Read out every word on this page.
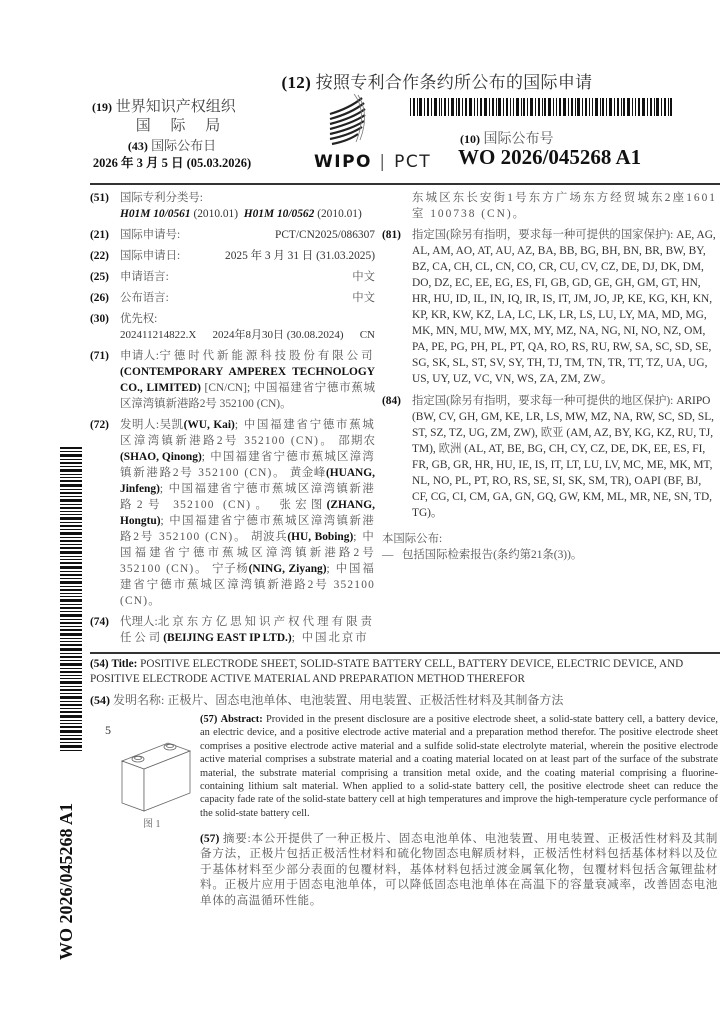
(12) 按照专利合作条约所公布的国际申请
(19) 世界知识产权组织
国 际 局
(43) 国际公布日
2026 年 3 月 5 日 (05.03.2026)	WIPO | PCT
(10) 国际公布号
WO 2026/045268 A1
(51) 国际专利分类号:
H01M 10/0561 (2010.01) H01M 10/0562 (2010.01)
(21) 国际申请号:	PCT/CN2025/086307
(22) 国际申请日:	2025 年 3 月 31 日 (31.03.2025)
(25) 申请语言:	中文
(26) 公布语言:	中文
(30) 优先权:
202411214822.X 2024年8月30日 (30.08.2024) CN
(71) 申请人:宁德时代新能源科技股份有限公司 (CONTEMPORARY AMPEREX TECHNOLOGY CO., LIMITED) [CN/CN]; 中国福建省宁德市蕉城区漳湾镇新港路2号 352100 (CN)。
(72) 发明人:吴凯(WU, Kai); 中国福建省宁德市蕉城区漳湾镇新港路2号 352100 (CN)。 邵期农(SHAO, Qinong); 中国福建省宁德市蕉城区漳湾镇新港路2号 352100 (CN)。 黄金峰(HUANG, Jinfeng); 中国福建省宁德市蕉城区漳湾镇新港路2号 352100 (CN)。 张宏图(ZHANG, Hongtu); 中国福建省宁德市蕉城区漳湾镇新港路2号 352100 (CN)。 胡波兵(HU, Bobing); 中国福建省宁德市蕉城区漳湾镇新港路2号 352100 (CN)。 宁子杨(NING, Ziyang); 中国福建省宁德市蕉城区漳湾镇新港路2号 352100 (CN)。
(74) 代理人:北京东方亿思知识产权代理有限责任公司(BEIJING EAST IP LTD.); 中国北京市
东城区东长安街1号东方广场东方经贸城东2座1601室 100738 (CN)。
(81) 指定国(除另有指明，要求每一种可提供的国家保护): AE, AG, AL, AM, AO, AT, AU, AZ, BA, BB, BG, BH, BN, BR, BW, BY, BZ, CA, CH, CL, CN, CO, CR, CU, CV, CZ, DE, DJ, DK, DM, DO, DZ, EC, EE, EG, ES, FI, GB, GD, GE, GH, GM, GT, HN, HR, HU, ID, IL, IN, IQ, IR, IS, IT, JM, JO, JP, KE, KG, KH, KN, KP, KR, KW, KZ, LA, LC, LK, LR, LS, LU, LY, MA, MD, MG, MK, MN, MU, MW, MX, MY, MZ, NA, NG, NI, NO, NZ, OM, PA, PE, PG, PH, PL, PT, QA, RO, RS, RU, RW, SA, SC, SD, SE, SG, SK, SL, ST, SV, SY, TH, TJ, TM, TN, TR, TT, TZ, UA, UG, US, UY, UZ, VC, VN, WS, ZA, ZM, ZW。
(84) 指定国(除另有指明，要求每一种可提供的地区保护): ARIPO (BW, CV, GH, GM, KE, LR, LS, MW, MZ, NA, RW, SC, SD, SL, ST, SZ, TZ, UG, ZM, ZW), 欧亚 (AM, AZ, BY, KG, KZ, RU, TJ, TM), 欧洲 (AL, AT, BE, BG, CH, CY, CZ, DE, DK, EE, ES, FI, FR, GB, GR, HR, HU, IE, IS, IT, LT, LU, LV, MC, ME, MK, MT, NL, NO, PL, PT, RO, RS, SE, SI, SK, SM, TR), OAPI (BF, BJ, CF, CG, CI, CM, GA, GN, GQ, GW, KM, ML, MR, NE, SN, TD, TG)。
本国际公布:
— 包括国际检索报告(条约第21条(3))。
WO 2026/045268 A1
(54) Title: POSITIVE ELECTRODE SHEET, SOLID-STATE BATTERY CELL, BATTERY DEVICE, ELECTRIC DEVICE, AND POSITIVE ELECTRODE ACTIVE MATERIAL AND PREPARATION METHOD THEREFOR
(54) 发明名称: 正极片、固态电池单体、电池装置、用电装置、正极活性材料及其制备方法
5
图 1
(57) Abstract: Provided in the present disclosure are a positive electrode sheet, a solid-state battery cell, a battery device, an electric device, and a positive electrode active material and a preparation method therefor. The positive electrode sheet comprises a positive electrode active material and a sulfide solid-state electrolyte material, wherein the positive electrode active material comprises a substrate material and a coating material located on at least part of the surface of the substrate material, the substrate material comprising a transition metal oxide, and the coating material comprising a fluorine-containing lithium salt material. When applied to a solid-state battery cell, the positive electrode sheet can reduce the capacity fade rate of the solid-state battery cell at high temperatures and improve the high-temperature cycle performance of the solid-state battery cell.
(57) 摘要:本公开提供了一种正极片、固态电池单体、电池装置、用电装置、正极活性材料及其制备方法，正极片包括正极活性材料和硫化物固态电解质材料，正极活性材料包括基体材料以及位于基体材料至少部分表面的包覆材料，基体材料包括过渡金属氧化物，包覆材料包括含氟锂盐材料。正极片应用于固态电池单体，可以降低固态电池单体在高温下的容量衰减率，改善固态电池单体的高温循环性能。
